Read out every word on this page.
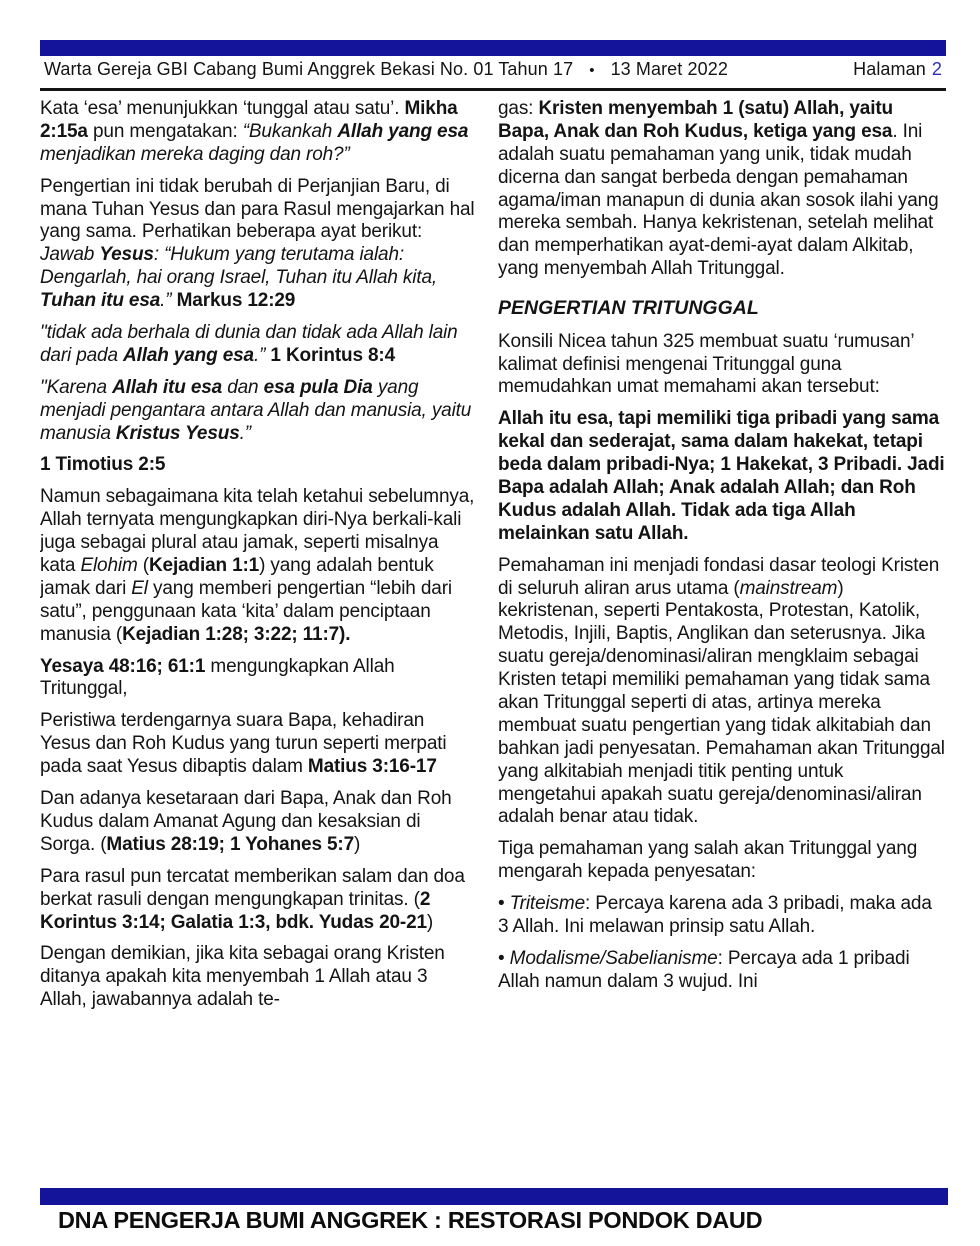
Warta Gereja GBI Cabang Bumi Anggrek Bekasi No. 01 Tahun 17 • 13 Maret 2022	Halaman 2
Kata ‘esa’ menunjukkan ‘tunggal atau satu’. Mikha 2:15a pun mengatakan: “Bukankah Allah yang esa menjadikan mereka daging dan roh?”
Pengertian ini tidak berubah di Perjanjian Baru, di mana Tuhan Yesus dan para Rasul mengajarkan hal yang sama. Perhatikan beberapa ayat berikut: Jawab Yesus: “Hukum yang terutama ialah: Dengarlah, hai orang Israel, Tuhan itu Allah kita, Tuhan itu esa.” Markus 12:29
"tidak ada berhala di dunia dan tidak ada Allah lain dari pada Allah yang esa.” 1 Korintus 8:4
"Karena Allah itu esa dan esa pula Dia yang menjadi pengantara antara Allah dan manusia, yaitu manusia Kristus Yesus.”
1 Timotius 2:5
Namun sebagaimana kita telah ketahui sebelumnya, Allah ternyata mengungkapkan diri-Nya berkali-kali juga sebagai plural atau jamak, seperti misalnya kata Elohim (Kejadian 1:1) yang adalah bentuk jamak dari El yang memberi pengertian “lebih dari satu”, penggunaan kata ‘kita’ dalam penciptaan manusia (Kejadian 1:28; 3:22; 11:7).
Yesaya 48:16; 61:1 mengungkapkan Allah Tritunggal,
Peristiwa terdengarnya suara Bapa, kehadiran Yesus dan Roh Kudus yang turun seperti merpati pada saat Yesus dibaptis dalam Matius 3:16-17
Dan adanya kesetaraan dari Bapa, Anak dan Roh Kudus dalam Amanat Agung dan kesaksian di Sorga. (Matius 28:19; 1 Yohanes 5:7)
Para rasul pun tercatat memberikan salam dan doa berkat rasuli dengan mengungkapan trinitas. (2 Korintus 3:14; Galatia 1:3, bdk. Yudas 20-21)
Dengan demikian, jika kita sebagai orang Kristen ditanya apakah kita menyembah 1 Allah atau 3 Allah, jawabannya adalah te-
gas: Kristen menyembah 1 (satu) Allah, yaitu Bapa, Anak dan Roh Kudus, ketiga yang esa. Ini adalah suatu pemahaman yang unik, tidak mudah dicerna dan sangat berbeda dengan pemahaman agama/iman manapun di dunia akan sosok ilahi yang mereka sembah. Hanya kekristenan, setelah melihat dan memperhatikan ayat-demi-ayat dalam Alkitab, yang menyembah Allah Tritunggal.
PENGERTIAN TRITUNGGAL
Konsili Nicea tahun 325 membuat suatu ‘rumusan’ kalimat definisi mengenai Tritunggal guna memudahkan umat memahami akan tersebut:
Allah itu esa, tapi memiliki tiga pribadi yang sama kekal dan sederajat, sama dalam hakekat, tetapi beda dalam pribadi-Nya; 1 Hakekat, 3 Pribadi. Jadi Bapa adalah Allah; Anak adalah Allah; dan Roh Kudus adalah Allah. Tidak ada tiga Allah melainkan satu Allah.
Pemahaman ini menjadi fondasi dasar teologi Kristen di seluruh aliran arus utama (mainstream) kekristenan, seperti Pentakosta, Protestan, Katolik, Metodis, Injili, Baptis, Anglikan dan seterusnya. Jika suatu gereja/denominasi/aliran mengklaim sebagai Kristen tetapi memiliki pemahaman yang tidak sama akan Tritunggal seperti di atas, artinya mereka membuat suatu pengertian yang tidak alkitabiah dan bahkan jadi penyesatan. Pemahaman akan Tritunggal yang alkitabiah menjadi titik penting untuk mengetahui apakah suatu gereja/denominasi/aliran adalah benar atau tidak.
Tiga pemahaman yang salah akan Tritunggal yang mengarah kepada penyesatan:
• Triteisme: Percaya karena ada 3 pribadi, maka ada 3 Allah. Ini melawan prinsip satu Allah.
• Modalisme/Sabelianisme: Percaya ada 1 pribadi Allah namun dalam 3 wujud. Ini
DNA PENGERJA BUMI ANGGREK : RESTORASI PONDOK DAUD
